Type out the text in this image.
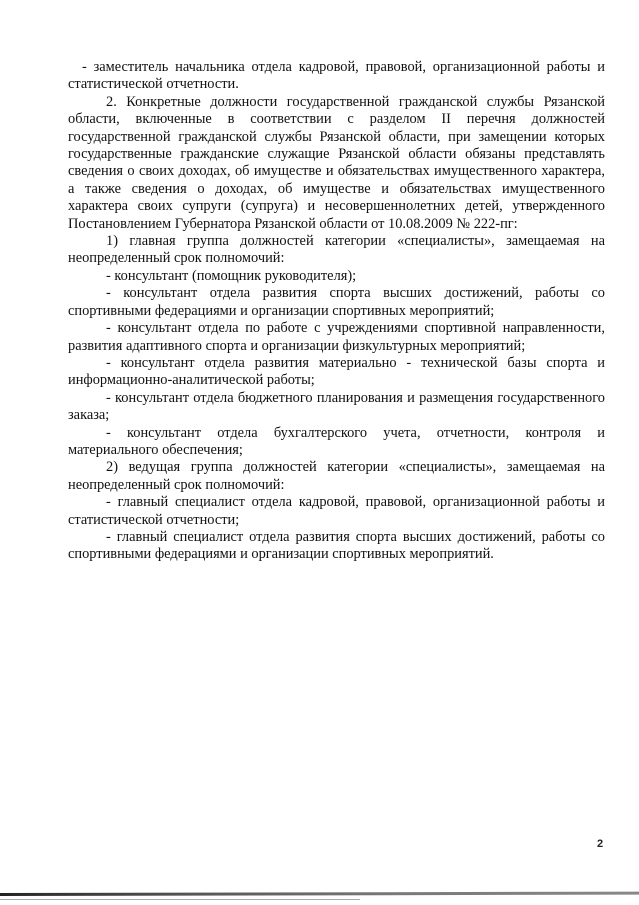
- заместитель начальника отдела кадровой, правовой, организационной работы и статистической отчетности.

2. Конкретные должности государственной гражданской службы Рязанской области, включенные в соответствии с разделом II перечня должностей государственной гражданской службы Рязанской области, при замещении которых государственные гражданские служащие Рязанской области обязаны представлять сведения о своих доходах, об имуществе и обязательствах имущественного характера, а также сведения о доходах, об имуществе и обязательствах имущественного характера своих супруги (супруга) и несовершеннолетних детей, утвержденного Постановлением Губернатора Рязанской области от 10.08.2009 № 222-пг:

1) главная группа должностей категории «специалисты», замещаемая на неопределенный срок полномочий:

- консультант (помощник руководителя);

- консультант отдела развития спорта высших достижений, работы со спортивными федерациями и организации спортивных мероприятий;

- консультант отдела по работе с учреждениями спортивной направленности, развития адаптивного спорта и организации физкультурных мероприятий;

- консультант отдела развития материально - технической базы спорта и информационно-аналитической работы;

- консультант отдела бюджетного планирования и размещения государственного заказа;

- консультант отдела бухгалтерского учета, отчетности, контроля и материального обеспечения;

2) ведущая группа должностей категории «специалисты», замещаемая на неопределенный срок полномочий:

- главный специалист отдела кадровой, правовой, организационной работы и статистической отчетности;

- главный специалист отдела развития спорта высших достижений, работы со спортивными федерациями и организации спортивных мероприятий.

2
